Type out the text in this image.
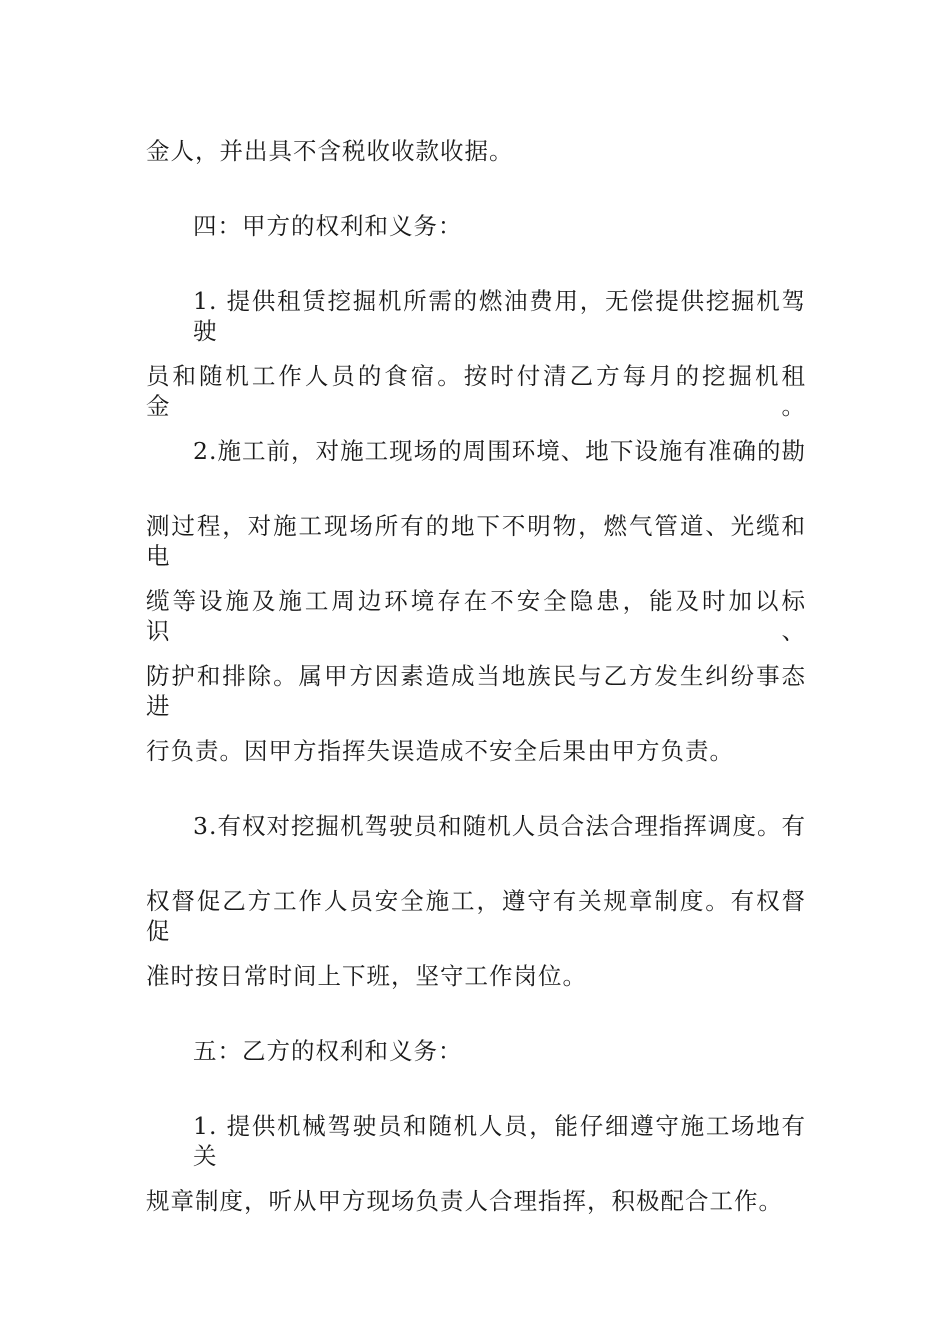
金人，并出具不含税收收款收据。
四：甲方的权利和义务：
1. 提供租赁挖掘机所需的燃油费用，无偿提供挖掘机驾驶
员和随机工作人员的食宿。按时付清乙方每月的挖掘机租金。
2.施工前，对施工现场的周围环境、地下设施有准确的勘
测过程，对施工现场所有的地下不明物，燃气管道、光缆和电
缆等设施及施工周边环境存在不安全隐患，能及时加以标识、
防护和排除。属甲方因素造成当地族民与乙方发生纠纷事态进
行负责。因甲方指挥失误造成不安全后果由甲方负责。
3.有权对挖掘机驾驶员和随机人员合法合理指挥调度。有
权督促乙方工作人员安全施工，遵守有关规章制度。有权督促
准时按日常时间上下班，坚守工作岗位。
五：乙方的权利和义务：
1. 提供机械驾驶员和随机人员，能仔细遵守施工场地有关
规章制度，听从甲方现场负责人合理指挥，积极配合工作。
